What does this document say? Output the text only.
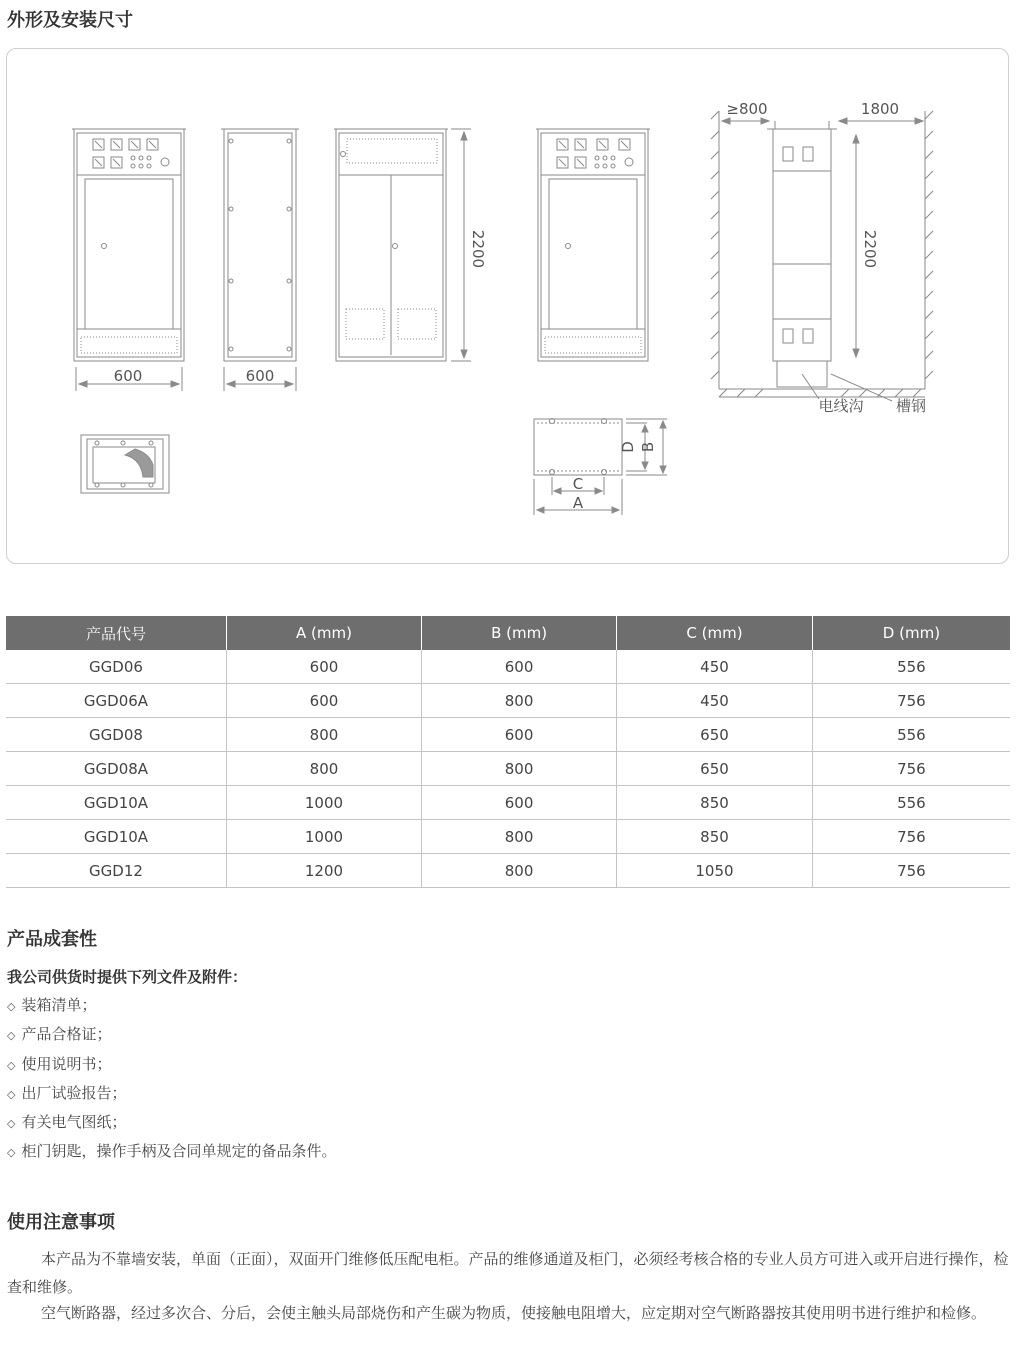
外形及安装尺寸
600	600
2200
≥800	1800
2200
电线沟 槽钢
C
A
D B
产品代号	A (mm)	B (mm)	C (mm)	D (mm)
GGD06	600	600	450	556
GGD06A	600	800	450	756
GGD08	800	600	650	556
GGD08A	800	800	650	756
GGD10A	1000	600	850	556
GGD10A	1000	800	850	756
GGD12	1200	800	1050	756
产品成套性
我公司供货时提供下列文件及附件：
◇ 装箱清单；
◇ 产品合格证；
◇ 使用说明书；
◇ 出厂试验报告；
◇ 有关电气图纸；
◇ 柜门钥匙，操作手柄及合同单规定的备品条件。
使用注意事项

本产品为不靠墙安装，单面（正面），双面开门维修低压配电柜。产品的维修通道及柜门，必须经考核合格的专业人员方可进入或开启进行操作，检查和维修。

空气断路器，经过多次合、分后，会使主触头局部烧伤和产生碳为物质，使接触电阻增大，应定期对空气断路器按其使用明书进行维护和检修。
